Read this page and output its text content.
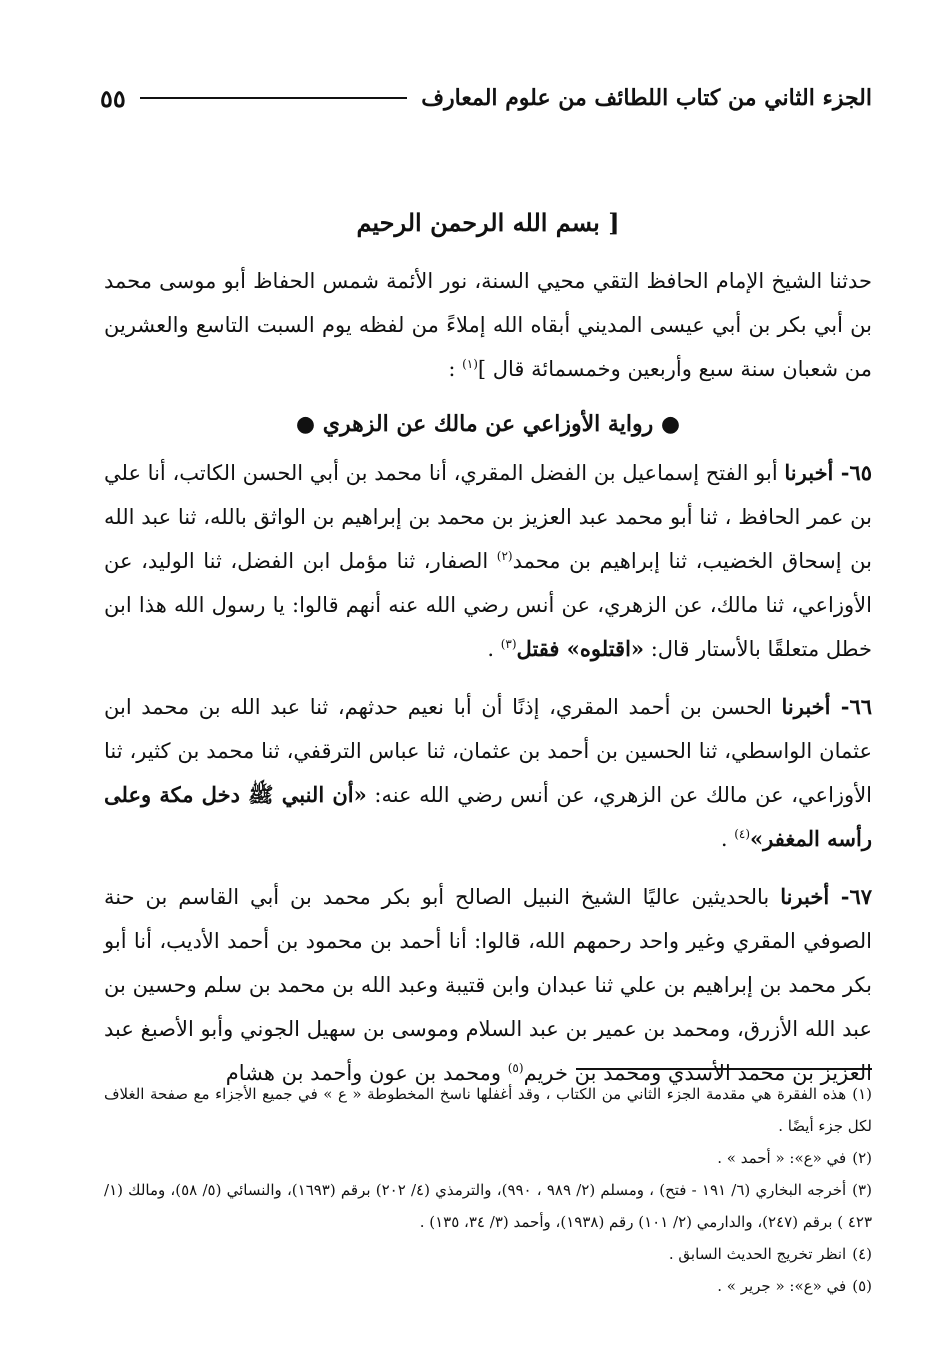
الجزء الثاني من كتاب اللطائف من علوم المعارف
٥٥

[ بسم الله الرحمن الرحيم

حدثنا الشيخ الإمام الحافظ التقي محيي السنة، نور الأئمة شمس الحفاظ أبو موسى محمد بن أبي بكر بن أبي عيسى المديني أبقاه الله إملاءً من لفظه يوم السبت التاسع والعشرين من شعبان سنة سبع وأربعين وخمسمائة قال ]$^{(١)}$ :

● رواية الأوزاعي عن مالك عن الزهري ●

٦٥- أخبرنا أبو الفتح إسماعيل بن الفضل المقري، أنا محمد بن أبي الحسن الكاتب، أنا علي بن عمر الحافظ ، ثنا أبو محمد عبد العزيز بن محمد بن إبراهيم بن الواثق بالله، ثنا عبد الله بن إسحاق الخضيب، ثنا إبراهيم بن محمد$^{(٢)}$ الصفار، ثنا مؤمل ابن الفضل، ثنا الوليد، عن الأوزاعي، ثنا مالك، عن الزهري، عن أنس رضي الله عنه أنهم قالوا: يا رسول الله هذا ابن خطل متعلقًا بالأستار قال: «اقتلوه» فقتل$^{(٣)}$ .

٦٦- أخبرنا الحسن بن أحمد المقري، إذنًا أن أبا نعيم حدثهم، ثنا عبد الله بن محمد ابن عثمان الواسطي، ثنا الحسين بن أحمد بن عثمان، ثنا عباس الترقفي، ثنا محمد بن كثير، ثنا الأوزاعي، عن مالك عن الزهري، عن أنس رضي الله عنه: «أن النبي ﷺ دخل مكة وعلى رأسه المغفر»$^{(٤)}$ .

٦٧- أخبرنا بالحديثين عاليًا الشيخ النبيل الصالح أبو بكر محمد بن أبي القاسم بن حنة الصوفي المقري وغير واحد رحمهم الله، قالوا: أنا أحمد بن محمود بن أحمد الأديب، أنا أبو بكر محمد بن إبراهيم بن علي ثنا عبدان وابن قتيبة وعبد الله بن محمد بن سلم وحسين بن عبد الله الأزرق، ومحمد بن عمير بن عبد السلام وموسى بن سهيل الجوني وأبو الأصبغ عبد العزيز بن محمد الأسدي ومحمد بن خريم$^{(٥)}$ ومحمد بن عون وأحمد بن هشام

(١)هذه الفقرة هي مقدمة الجزء الثاني من الكتاب ، وقد أغفلها ناسخ المخطوطة « ع » في جميع الأجزاء مع صفحة الغلاف لكل جزء أيضًا .

(٢)في «ع»: « أحمد » .

(٣)أخرجه البخاري (٦/ ١٩١ - فتح) ، ومسلم (٢/ ٩٨٩ ، ٩٩٠)، والترمذي (٤/ ٢٠٢) برقم (١٦٩٣)، والنسائي (٥/ ٥٨)، ومالك (١/ ٤٢٣ ) برقم (٢٤٧)، والدارمي (٢/ ١٠١) رقم (١٩٣٨)، وأحمد (٣/ ٣٤، ١٣٥) .

(٤)انظر تخريج الحديث السابق .

(٥)في «ع»: « جرير » .
